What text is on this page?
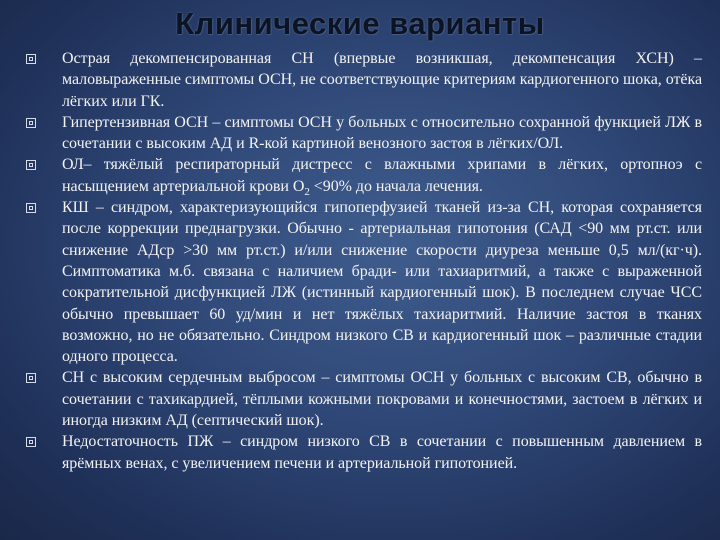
Клинические варианты
Острая декомпенсированная СН (впервые возникшая, декомпенсация ХСН) – маловыраженные симптомы ОСН, не соответствующие критериям кардиогенного шока, отёка лёгких или ГК.
Гипертензивная ОСН – симптомы ОСН у больных с относительно сохранной функцией ЛЖ в сочетании с высоким АД и R-кой картиной венозного застоя в лёгких/ОЛ.
ОЛ– тяжёлый респираторный дистресс с влажными хрипами в лёгких, ортопноэ с насыщением артериальной крови $О_2 <90\%$ до начала лечения.
КШ – синдром, характеризующийся гипоперфузией тканей из-за СН, которая сохраняется после коррекции преднагрузки. Обычно - артериальная гипотония (САД <90 мм рт.ст. или снижение АДср >30 мм рт.ст.) и/или снижение скорости диуреза меньше 0,5 мл/(кг·ч). Симптоматика м.б. связана с наличием бради- или тахиаритмий, а также с выраженной сократительной дисфункцией ЛЖ (истинный кардиогенный шок). В последнем случае ЧСС обычно превышает 60 уд/мин и нет тяжёлых тахиаритмий. Наличие застоя в тканях возможно, но не обязательно. Синдром низкого СВ и кардиогенный шок – различные стадии одного процесса.
СН с высоким сердечным выбросом – симптомы ОСН у больных с высоким СВ, обычно в сочетании с тахикардией, тёплыми кожными покровами и конечностями, застоем в лёгких и иногда низким АД (септический шок).
Недостаточность ПЖ – синдром низкого СВ в сочетании с повышенным давлением в ярёмных венах, с увеличением печени и артериальной гипотонией.
